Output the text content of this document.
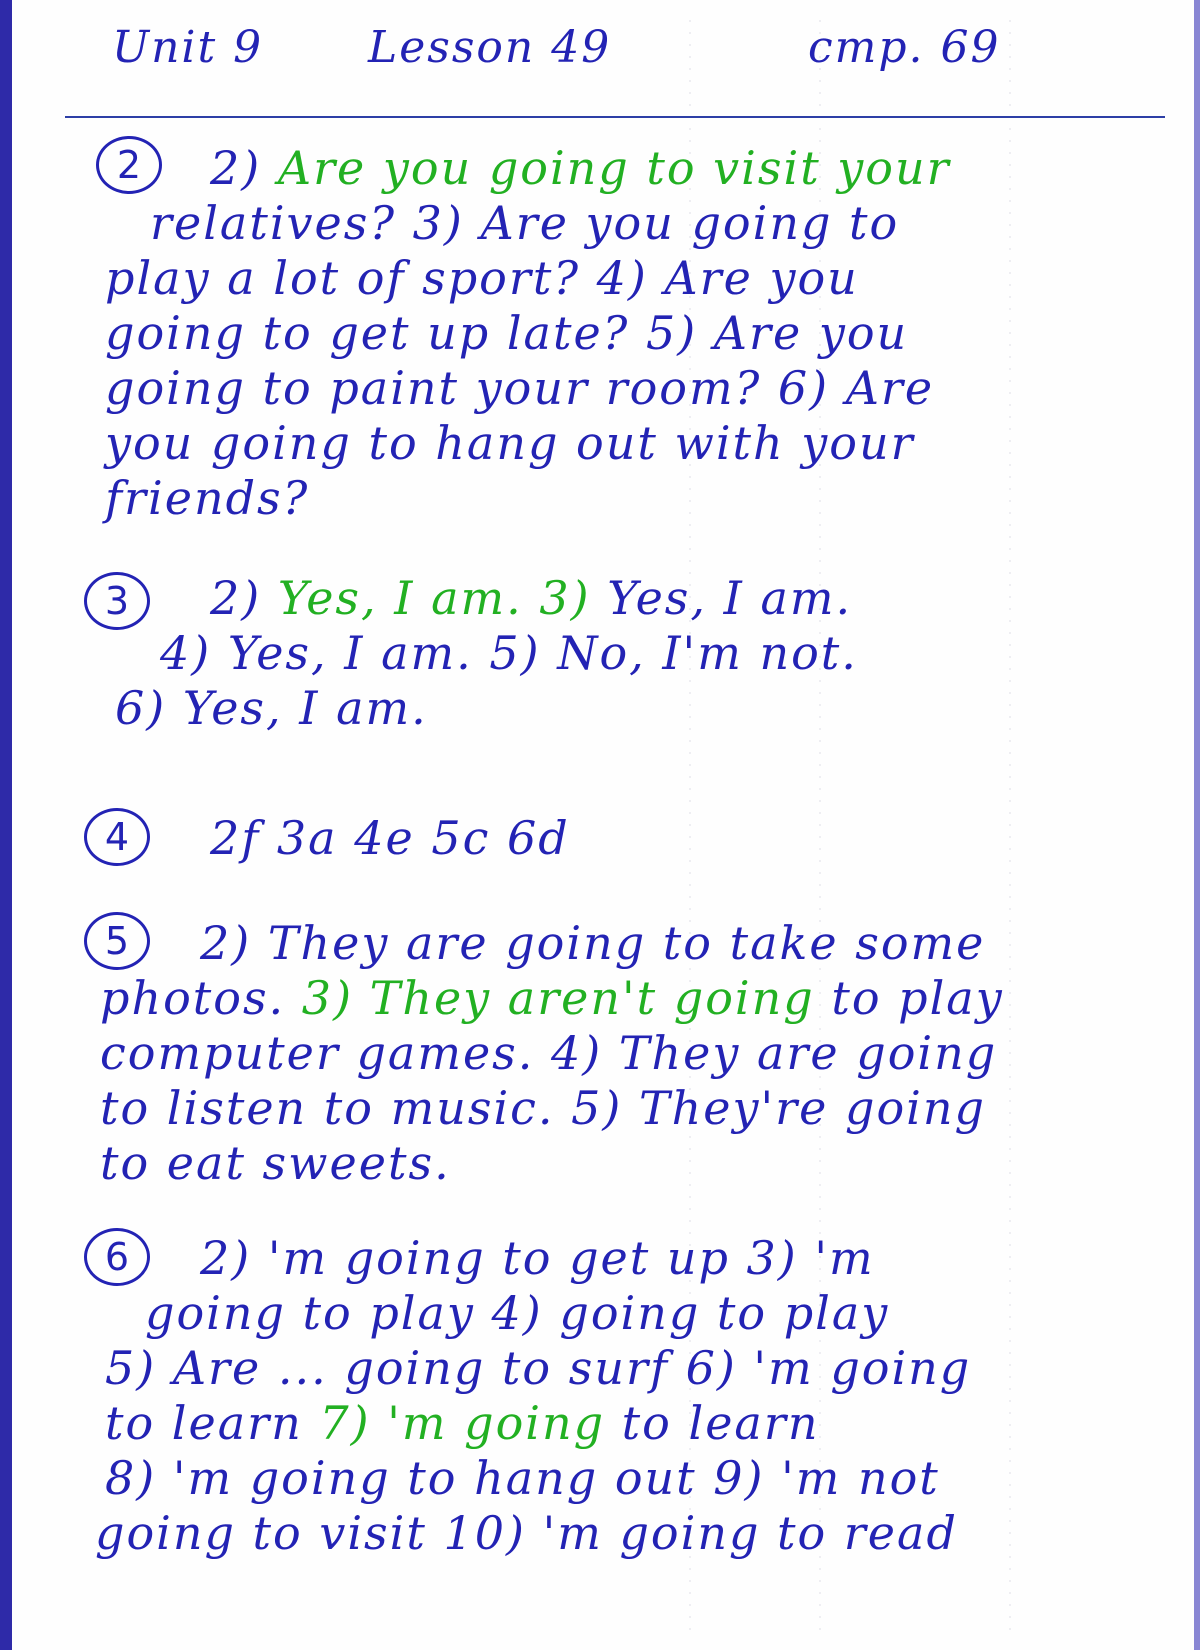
Unit 9 Lesson 49	стр. 69
2 2) Are you going to visit your
relatives? 3) Are you going to
play a lot of sport? 4) Are you
going to get up late? 5) Are you
going to paint your room? 6) Are
you going to hang out with your
friends?
3 2) Yes, I am. 3) Yes, I am.
4) Yes, I am. 5) No, I'm not.
6) Yes, I am.
4 2f 3a 4e 5c 6d
5 2) They are going to take some
photos. 3) They aren't going to play
computer games. 4) They are going
to listen to music. 5) They're going
to eat sweets.
6 2) 'm going to get up 3) 'm
going to play 4) going to play
5) Are ... going to surf 6) 'm going
to learn 7) 'm going to learn
8) 'm going to hang out 9) 'm not
going to visit 10) 'm going to read
